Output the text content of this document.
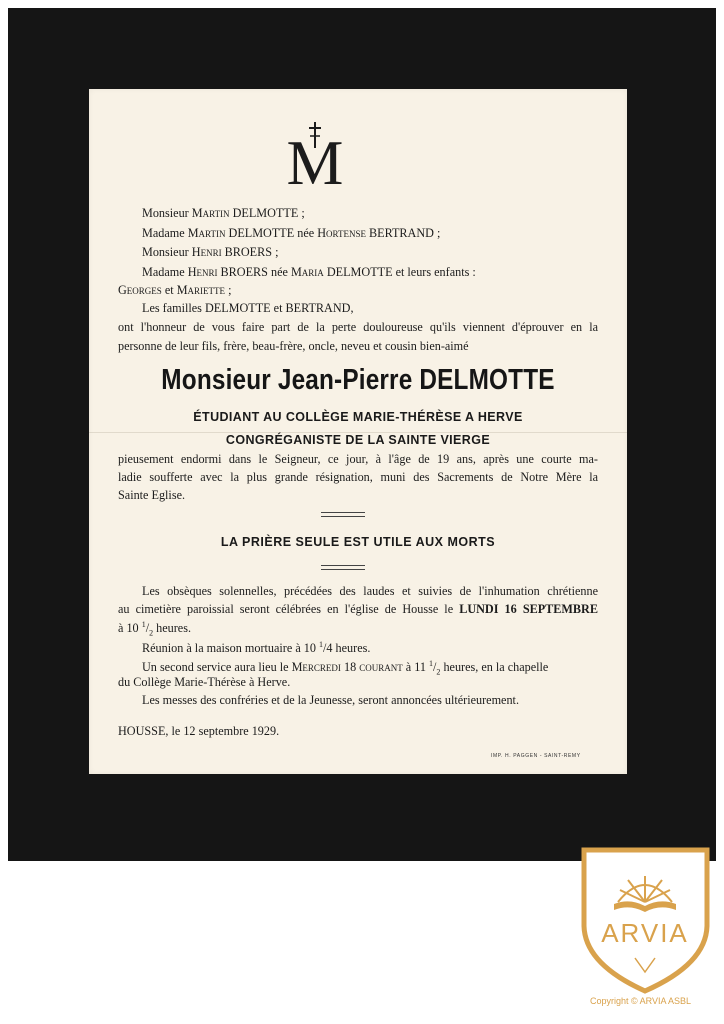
M
Monsieur Martin DELMOTTE ;
Madame Martin DELMOTTE née Hortense BERTRAND ;
Monsieur Henri BROERS ;
Madame Henri BROERS née Maria DELMOTTE et leurs enfants :
Georges et Mariette ;
Les familles DELMOTTE et BERTRAND,
ont l'honneur de vous faire part de la perte douloureuse qu'ils viennent d'éprouver en la
personne de leur fils, frère, beau-frère, oncle, neveu et cousin bien-aimé
Monsieur Jean-Pierre DELMOTTE
ÉTUDIANT AU COLLÈGE MARIE-THÉRÈSE A HERVE
CONGRÉGANISTE DE LA SAINTE VIERGE
pieusement endormi dans le Seigneur, ce jour, à l'âge de 19 ans, après une courte ma-
ladie soufferte avec la plus grande résignation, muni des Sacrements de Notre Mère la
Sainte Eglise.
LA PRIÈRE SEULE EST UTILE AUX MORTS
Les obsèques solennelles, précédées des laudes et suivies de l'inhumation chrétienne
au cimetière paroissial seront célébrées en l'église de Housse le LUNDI 16 SEPTEMBRE
à 10 $^1/_2$ heures.
Réunion à la maison mortuaire à 10 $^1$/4 heures.
Un second service aura lieu le Mercredi 18 courant à 11 $^1/_2$ heures, en la chapelle
du Collège Marie-Thérèse à Herve.
Les messes des confréries et de la Jeunesse, seront annoncées ultérieurement.
HOUSSE, le 12 septembre 1929.
IMP. H. PAGGEN - SAINT-REMY
ARVIA
Copyright © ARVIA ASBL
